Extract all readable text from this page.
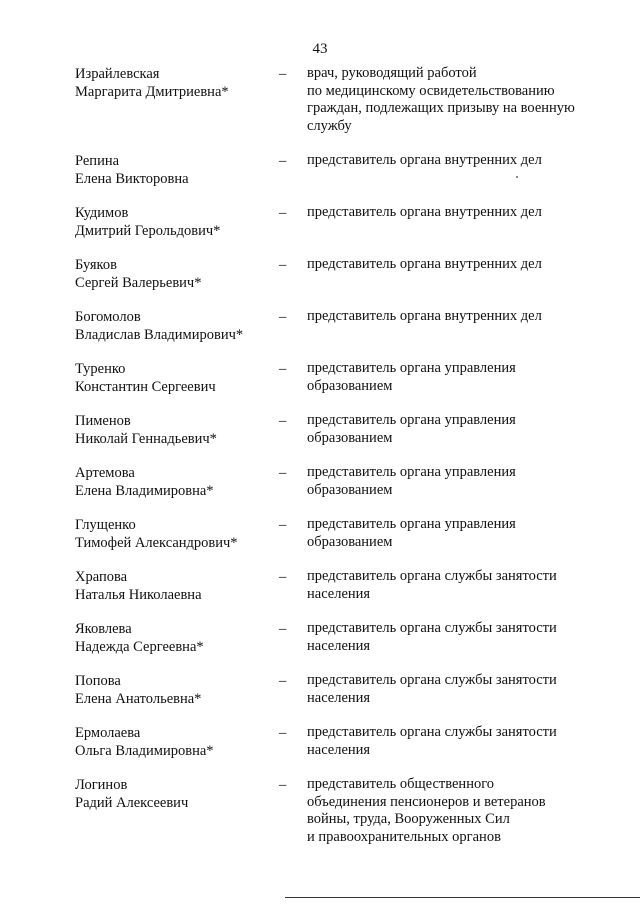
43
Израйлевская
Маргарита Дмитриевна*
– врач, руководящий работой
по медицинскому освидетельствованию
граждан, подлежащих призыву на военную
службу
Репина
Елена Викторовна
– представитель органа внутренних дел
Кудимов
Дмитрий Герольдович*
– представитель органа внутренних дел
Буяков
Сергей Валерьевич*
– представитель органа внутренних дел
Богомолов
Владислав Владимирович*
– представитель органа внутренних дел
Туренко
Константин Сергеевич
– представитель органа управления
образованием
Пименов
Николай Геннадьевич*
– представитель органа управления
образованием
Артемова
Елена Владимировна*
– представитель органа управления
образованием
Глущенко
Тимофей Александрович*
– представитель органа управления
образованием
Храпова
Наталья Николаевна
– представитель органа службы занятости
населения
Яковлева
Надежда Сергеевна*
– представитель органа службы занятости
населения
Попова
Елена Анатольевна*
– представитель органа службы занятости
населения
Ермолаева
Ольга Владимировна*
– представитель органа службы занятости
населения
Логинов
Радий Алексеевич
– представитель общественного
объединения пенсионеров и ветеранов
войны, труда, Вооруженных Сил
и правоохранительных органов
